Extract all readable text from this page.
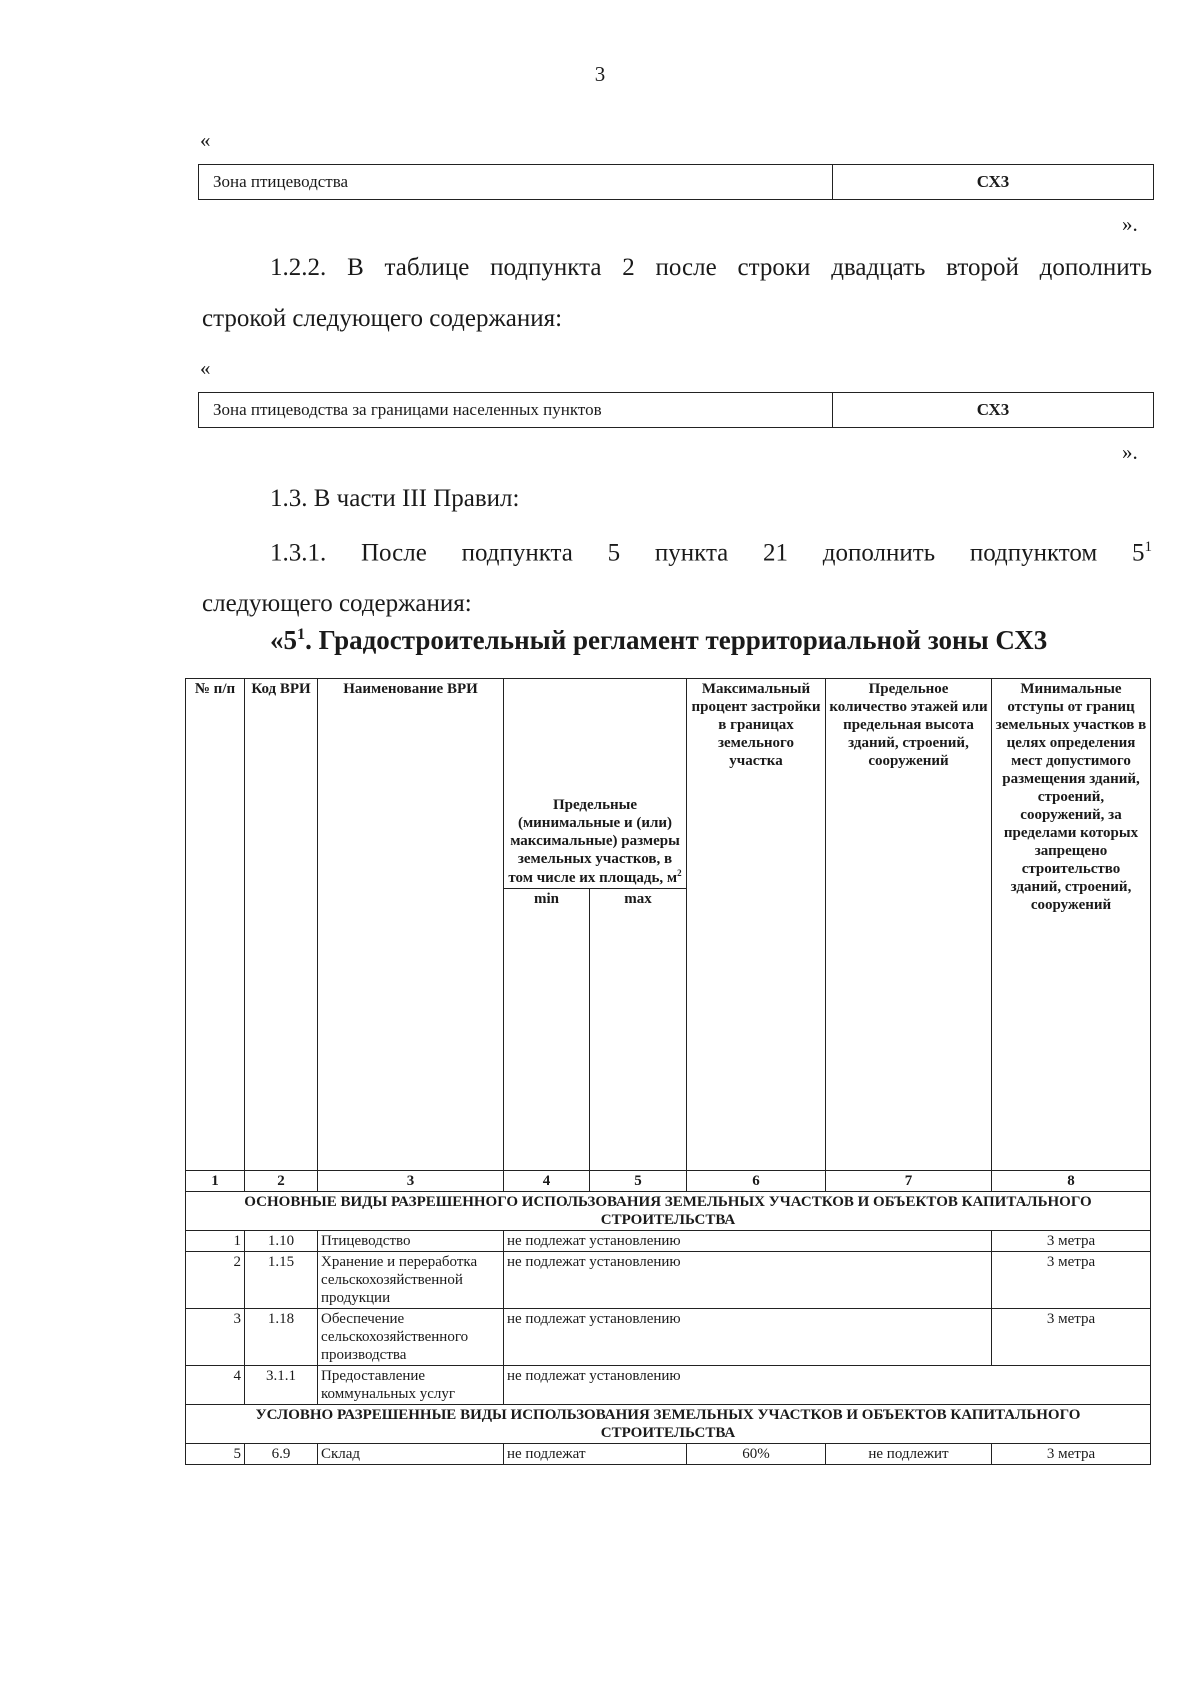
3
«
Зона птицеводства	СХ3
».
1.2.2. В таблице подпункта 2 после строки двадцать второй дополнить
строкой следующего содержания:
«
Зона птицеводства за границами населенных пунктов	СХ3
».
1.3. В части III Правил:
1.3.1. После подпункта 5 пункта 21 дополнить подпунктом $5^1$
следующего содержания:
«$5^1$. Градостроительный регламент территориальной зоны СХ3
№ п/п	Код ВРИ	Наименование ВРИ	Предельные (минимальные и (или) максимальные) размеры земельных участков, в том числе их площадь, $м^2$		Максимальный процент застройки в границах земельного участка	Предельное количество этажей или предельная высота зданий, строений, сооружений	Минимальные отступы от границ земельных участков в целях определения мест допустимого размещения зданий, строений, сооружений, за пределами которых запрещено строительство зданий, строений, сооружений
			min	max			
1	2	3	4	5	6	7	8
ОСНОВНЫЕ ВИДЫ РАЗРЕШЕННОГО ИСПОЛЬЗОВАНИЯ ЗЕМЕЛЬНЫХ УЧАСТКОВ И ОБЪЕКТОВ КАПИТАЛЬНОГО СТРОИТЕЛЬСТВА							
1	1.10	Птицеводство	не подлежат установлению				3 метра
2	1.15	Хранение и переработка сельскохозяйственной продукции	не подлежат установлению				3 метра
3	1.18	Обеспечение сельскохозяйственного производства	не подлежат установлению				3 метра
4	3.1.1	Предоставление коммунальных услуг	не подлежат установлению				
УСЛОВНО РАЗРЕШЕННЫЕ ВИДЫ ИСПОЛЬЗОВАНИЯ ЗЕМЕЛЬНЫХ УЧАСТКОВ И ОБЪЕКТОВ КАПИТАЛЬНОГО СТРОИТЕЛЬСТВА							
5	6.9	Склад	не подлежат		60%	не подлежит	3 метра
